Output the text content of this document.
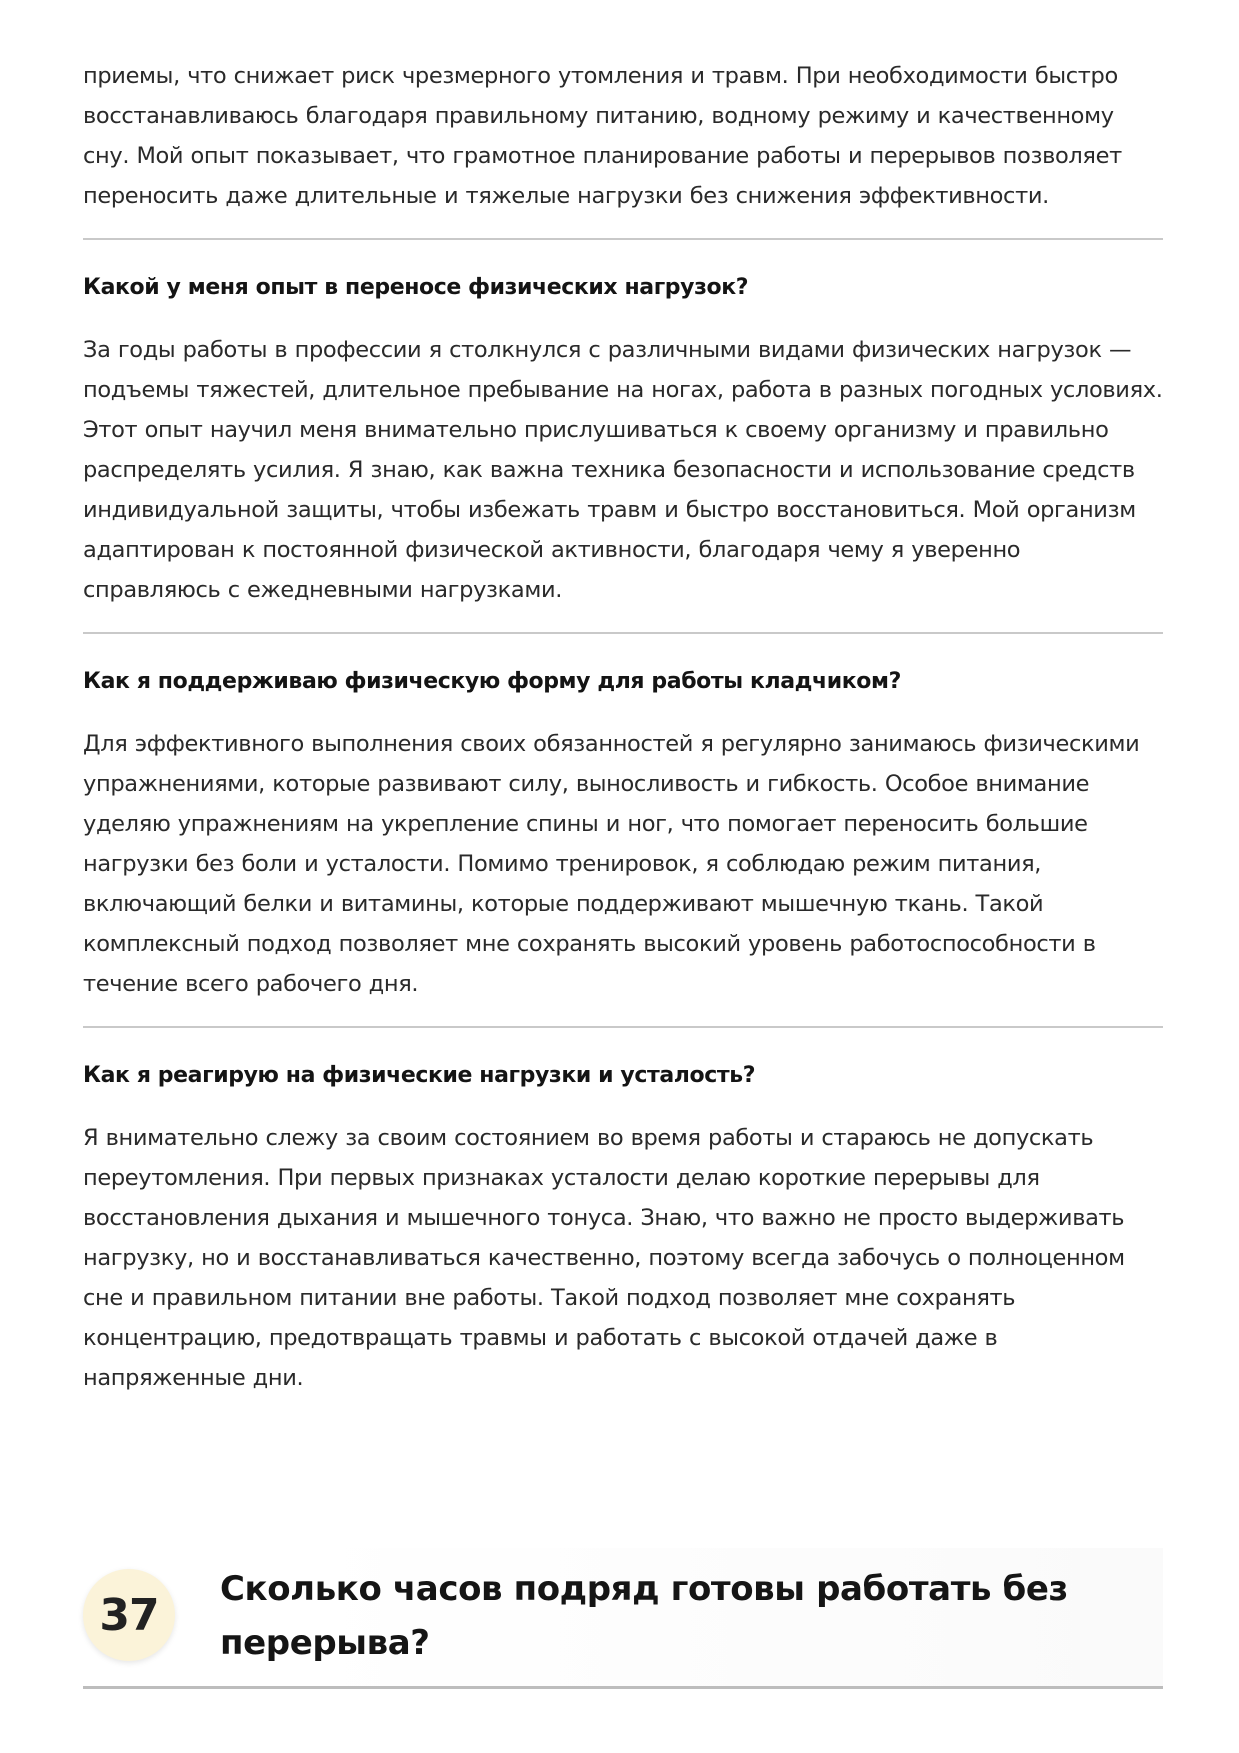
приемы, что снижает риск чрезмерного утомления и травм. При необходимости быстро восстанавливаюсь благодаря правильному питанию, водному режиму и качественному сну. Мой опыт показывает, что грамотное планирование работы и перерывов позволяет переносить даже длительные и тяжелые нагрузки без снижения эффективности.

Какой у меня опыт в переносе физических нагрузок?

За годы работы в профессии я столкнулся с различными видами физических нагрузок — подъемы тяжестей, длительное пребывание на ногах, работа в разных погодных условиях. Этот опыт научил меня внимательно прислушиваться к своему организму и правильно распределять усилия. Я знаю, как важна техника безопасности и использование средств индивидуальной защиты, чтобы избежать травм и быстро восстановиться. Мой организм адаптирован к постоянной физической активности, благодаря чему я уверенно справляюсь с ежедневными нагрузками.

Как я поддерживаю физическую форму для работы кладчиком?

Для эффективного выполнения своих обязанностей я регулярно занимаюсь физическими упражнениями, которые развивают силу, выносливость и гибкость. Особое внимание уделяю упражнениям на укрепление спины и ног, что помогает переносить большие нагрузки без боли и усталости. Помимо тренировок, я соблюдаю режим питания, включающий белки и витамины, которые поддерживают мышечную ткань. Такой комплексный подход позволяет мне сохранять высокий уровень работоспособности в течение всего рабочего дня.

Как я реагирую на физические нагрузки и усталость?

Я внимательно слежу за своим состоянием во время работы и стараюсь не допускать переутомления. При первых признаках усталости делаю короткие перерывы для восстановления дыхания и мышечного тонуса. Знаю, что важно не просто выдерживать нагрузку, но и восстанавливаться качественно, поэтому всегда забочусь о полноценном сне и правильном питании вне работы. Такой подход позволяет мне сохранять концентрацию, предотвращать травмы и работать с высокой отдачей даже в напряженные дни.

37
Сколько часов подряд готовы работать без перерыва?
